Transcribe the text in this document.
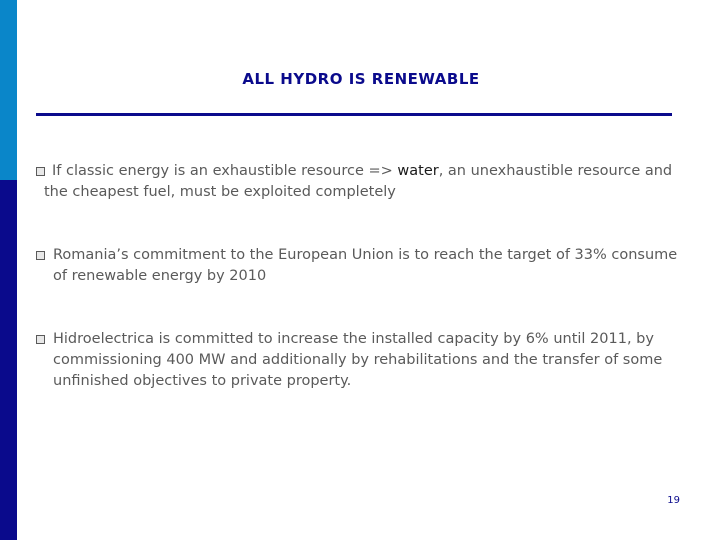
ALL HYDRO IS RENEWABLE
If classic energy is an exhaustible resource => water, an unexhaustible resource and the cheapest fuel, must be exploited completely
Romania’s commitment to the European Union is to reach the target of 33% consume of renewable energy by 2010
Hidroelectrica is committed to increase the installed capacity by 6% until 2011, by commissioning 400 MW and additionally by rehabilitations and the transfer of some unfinished objectives to private property.
19
